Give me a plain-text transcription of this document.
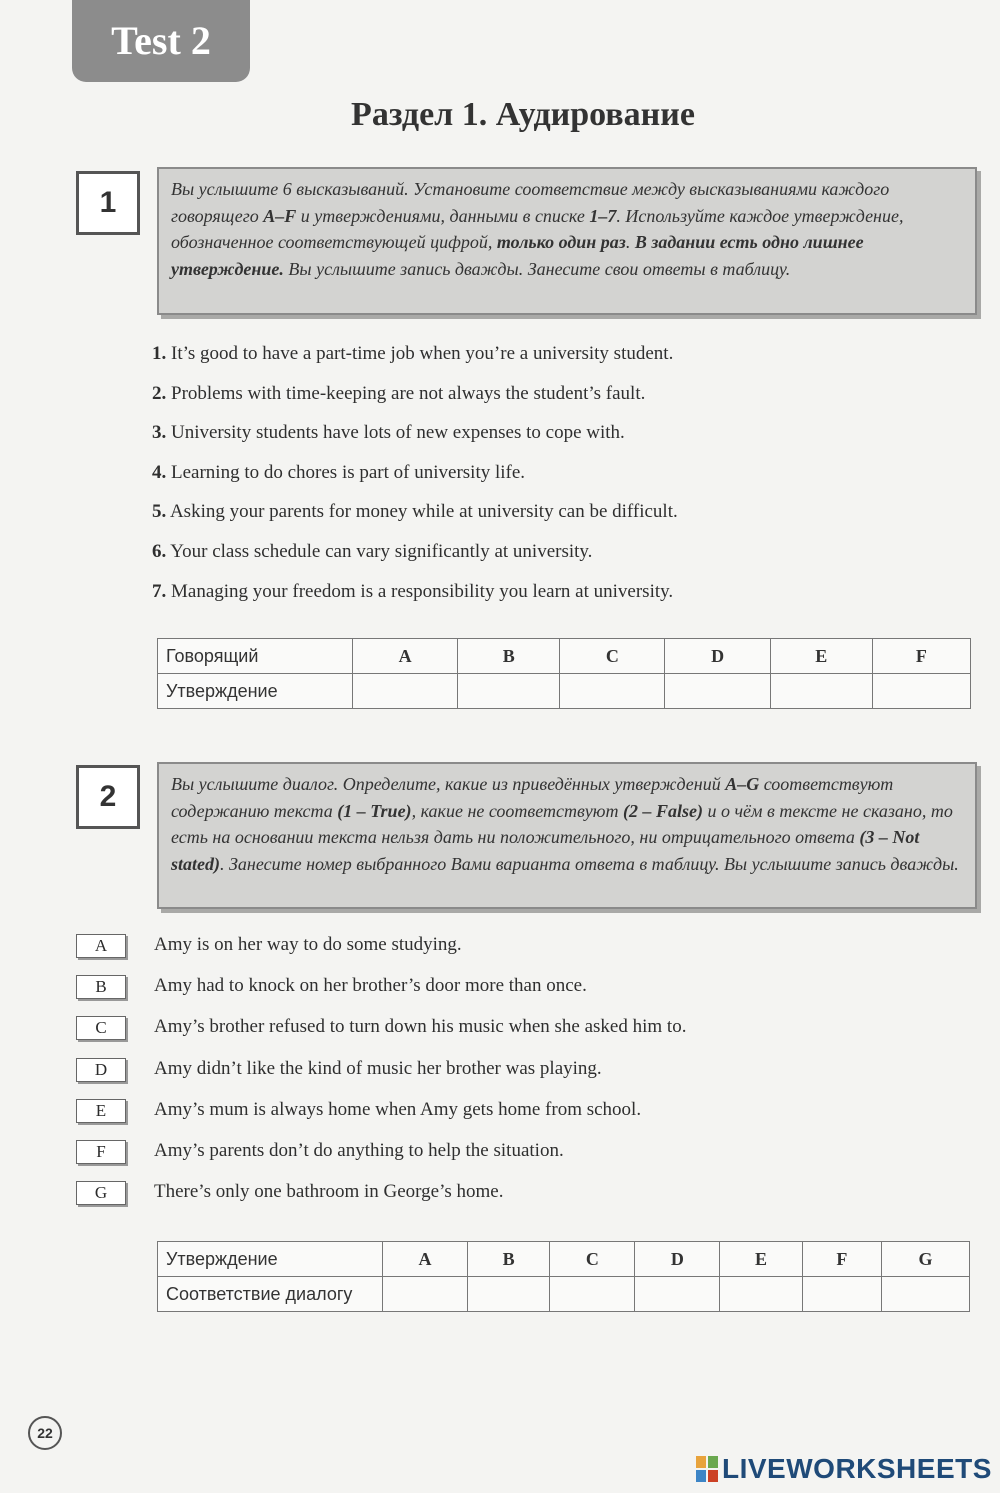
Test 2
Раздел 1. Аудирование
1	Вы услышите 6 высказываний. Установите соответствие между высказываниями каждого говорящего A–F и утверждениями, данными в списке 1–7. Используйте каждое утверждение, обозначенное соответствующей цифрой, только один раз. В задании есть одно лишнее утверждение. Вы услышите запись дважды. Занесите свои ответы в таблицу.
1. It’s good to have a part-time job when you’re a university student.
2. Problems with time-keeping are not always the student’s fault.
3. University students have lots of new expenses to cope with.
4. Learning to do chores is part of university life.
5. Asking your parents for money while at university can be difficult.
6. Your class schedule can vary significantly at university.
7. Managing your freedom is a responsibility you learn at university.
Говорящий	A	B	C	D	E	F
Утверждение						
2	Вы услышите диалог. Определите, какие из приведённых утверждений A–G соответствуют содержанию текста (1 – True), какие не соответствуют (2 – False) и о чём в тексте не сказано, то есть на основании текста нельзя дать ни положительного, ни отрицательного ответа (3 – Not stated). Занесите номер выбранного Вами варианта ответа в таблицу. Вы услышите запись дважды.
A	Amy is on her way to do some studying.
B	Amy had to knock on her brother’s door more than once.
C	Amy’s brother refused to turn down his music when she asked him to.
D	Amy didn’t like the kind of music her brother was playing.
E	Amy’s mum is always home when Amy gets home from school.
F	Amy’s parents don’t do anything to help the situation.
G	There’s only one bathroom in George’s home.
Утверждение	A	B	C	D	E	F	G
Соответствие диалогу							
22
LIVEWORKSHEETS
